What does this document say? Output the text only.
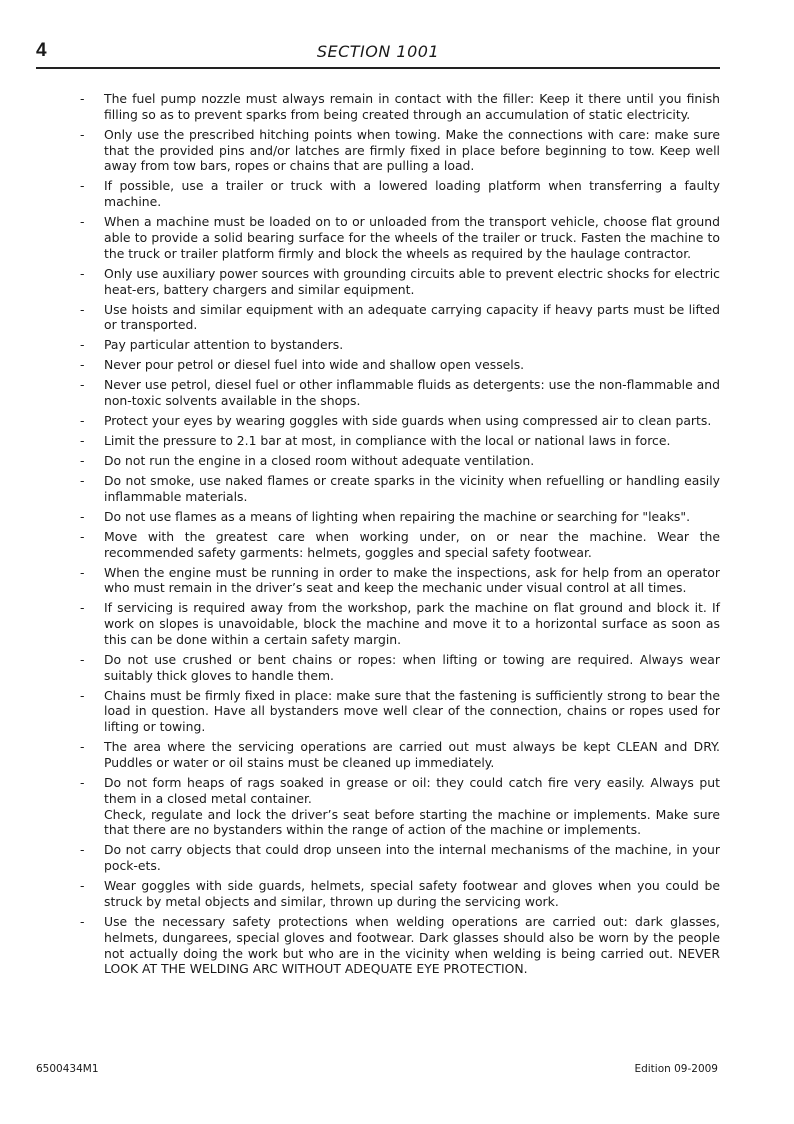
4	SECTION 1001
-	The fuel pump nozzle must always remain in contact with the filler: Keep it there until you finish filling so as to prevent sparks from being created through an accumulation of static electricity.
-	Only use the prescribed hitching points when towing. Make the connections with care: make sure that the provided pins and/or latches are firmly fixed in place before beginning to tow. Keep well away from tow bars, ropes or chains that are pulling a load.
-	If possible, use a trailer or truck with a lowered loading platform when transferring a faulty machine.
-	When a machine must be loaded on to or unloaded from the transport vehicle, choose flat ground able to provide a solid bearing surface for the wheels of the trailer or truck. Fasten the machine to the truck or trailer platform firmly and block the wheels as required by the haulage contractor.
-	Only use auxiliary power sources with grounding circuits able to prevent electric shocks for electric heat-ers, battery chargers and similar equipment.
-	Use hoists and similar equipment with an adequate carrying capacity if heavy parts must be lifted or transported.
-	Pay particular attention to bystanders.
-	Never pour petrol or diesel fuel into wide and shallow open vessels.
-	Never use petrol, diesel fuel or other inflammable fluids as detergents: use the non-flammable and non-toxic solvents available in the shops.
-	Protect your eyes by wearing goggles with side guards when using compressed air to clean parts.
-	Limit the pressure to 2.1 bar at most, in compliance with the local or national laws in force.
-	Do not run the engine in a closed room without adequate ventilation.
-	Do not smoke, use naked flames or create sparks in the vicinity when refuelling or handling easily inflammable materials.
-	Do not use flames as a means of lighting when repairing the machine or searching for "leaks".
-	Move with the greatest care when working under, on or near the machine. Wear the recommended safety garments: helmets, goggles and special safety footwear.
-	When the engine must be running in order to make the inspections, ask for help from an operator who must remain in the driver’s seat and keep the mechanic under visual control at all times.
-	If servicing is required away from the workshop, park the machine on flat ground and block it. If work on slopes is unavoidable, block the machine and move it to a horizontal surface as soon as this can be done within a certain safety margin.
-	Do not use crushed or bent chains or ropes: when lifting or towing are required. Always wear suitably thick gloves to handle them.
-	Chains must be firmly fixed in place: make sure that the fastening is sufficiently strong to bear the load in question. Have all bystanders move well clear of the connection, chains or ropes used for lifting or towing.
-	The area where the servicing operations are carried out must always be kept CLEAN and DRY. Puddles or water or oil stains must be cleaned up immediately.
-	Do not form heaps of rags soaked in grease or oil: they could catch fire very easily. Always put them in a closed metal container.
Check, regulate and lock the driver’s seat before starting the machine or implements. Make sure that there are no bystanders within the range of action of the machine or implements.
-	Do not carry objects that could drop unseen into the internal mechanisms of the machine, in your pock-ets.
-	Wear goggles with side guards, helmets, special safety footwear and gloves when you could be struck by metal objects and similar, thrown up during the servicing work.
-	Use the necessary safety protections when welding operations are carried out: dark glasses, helmets, dungarees, special gloves and footwear. Dark glasses should also be worn by the people not actually doing the work but who are in the vicinity when welding is being carried out. NEVER LOOK AT THE WELDING ARC WITHOUT ADEQUATE EYE PROTECTION.
6500434M1	Edition 09-2009
